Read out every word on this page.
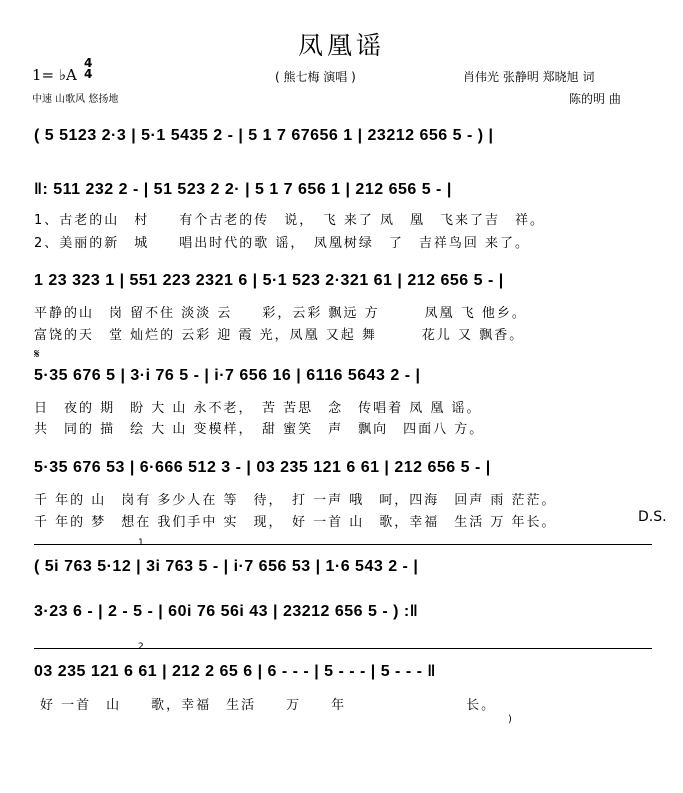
凤凰谣
( 熊七梅 演唱 )
1= ♭A
4
4
中速 山歌风 悠扬地
肖伟光 张静明 郑晓旭 词
陈的明 曲
( 5 5123 2·3 | 5·1 5435 2 - | 5 1 7 67656 1 | 23212 656 5 - ) |
‖: 511 232 2 - | 51 523 2 2· | 5 1 7 656 1 | 212 656 5 - |
1、古老的山　村　　有个古老的传　说，　飞 来了 凤　凰　飞来了吉　祥。
2、美丽的新　城　　唱出时代的歌 谣，　凤凰树绿　了　吉祥鸟回 来了。
1 23 323 1 | 551 223 2321 6 | 5·1 523 2·321 61 | 212 656 5 - |
平静的山　岗 留不住 淡淡 云　　彩，云彩 飘远 方　　　凤凰 飞 他乡。
富饶的天　堂 灿烂的 云彩 迎 霞 光，凤凰 又起 舞　　　花儿 又 飘香。
𝄋
5·35 676 5 | 3·i 76 5 - | i·7 656 16 | 6116 5643 2 - |
日　夜的 期　盼 大 山 永不老，　苦 苦思　念　传唱着 凤 凰 谣。
共　同的 描　绘 大 山 变模样，　甜 蜜笑　声　飘向　四面八 方。
5·35 676 53 | 6·666 512 3 - | 03 235 121 6 61 | 212 656 5 - |
千 年的 山　岗有 多少人在 等　待，　打 一声 哦　呵，四海　回声 雨 茫茫。
千 年的 梦　想在 我们手中 实　现，　好 一首 山　歌，幸福　生活 万 年长。	D.S.
1
( 5i 763 5·12 | 3i 763 5 - | i·7 656 53 | 1·6 543 2 - |
3·23 6 - | 2 - 5 - | 60i 76 56i 43 | 23212 656 5 - ) :‖
2
03 235 121 6 61 | 212 2 65 6 | 6 - - - | 5 - - - | 5 - - - ‖
好 一首　山　　歌，幸福　生活　　万　　年　　　　　　　　长。
)
